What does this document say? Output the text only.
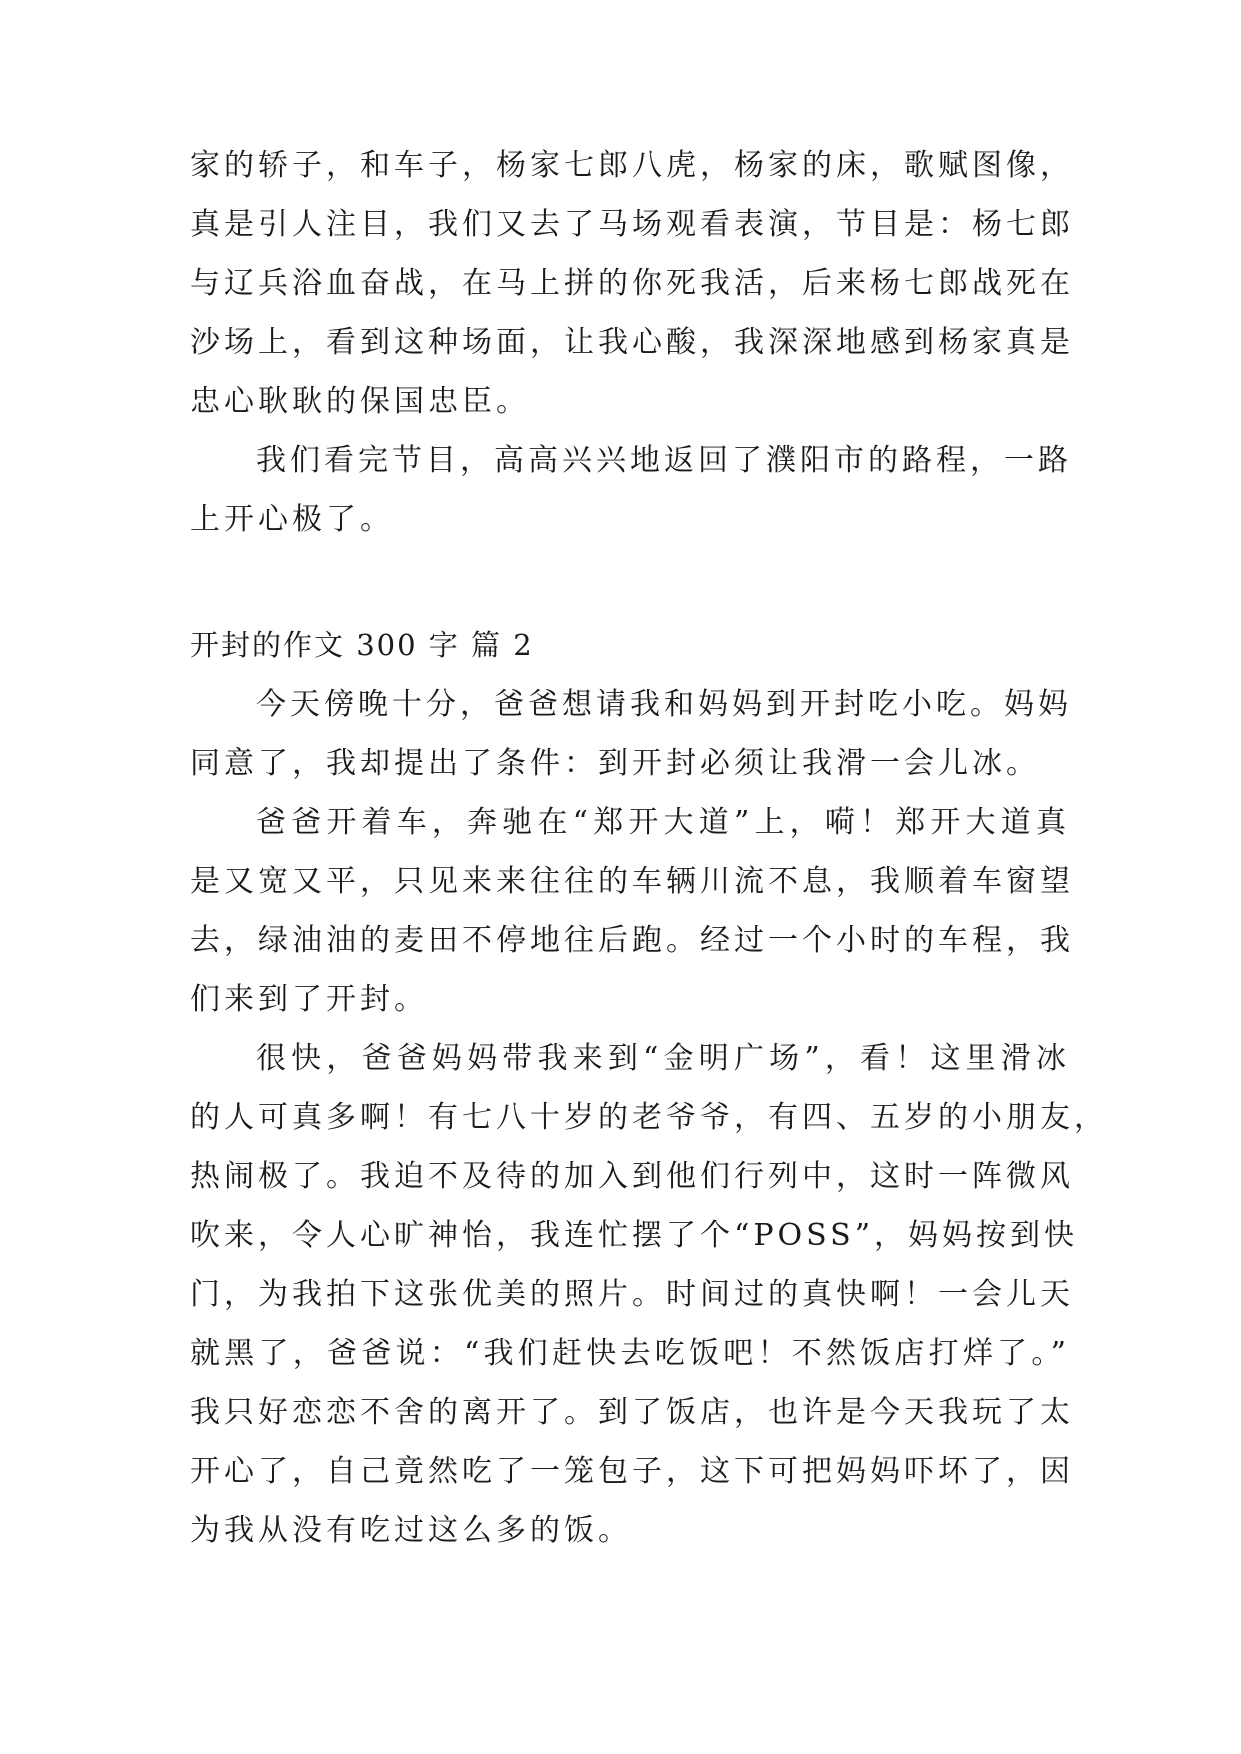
家的轿子，和车子，杨家七郎八虎，杨家的床，歌赋图像，

真是引人注目，我们又去了马场观看表演，节目是：杨七郎

与辽兵浴血奋战，在马上拼的你死我活，后来杨七郎战死在

沙场上，看到这种场面，让我心酸，我深深地感到杨家真是

忠心耿耿的保国忠臣。

我们看完节目，高高兴兴地返回了濮阳市的路程，一路

上开心极了。

开封的作文 300 字 篇 2

今天傍晚十分，爸爸想请我和妈妈到开封吃小吃。妈妈

同意了，我却提出了条件：到开封必须让我滑一会儿冰。

爸爸开着车，奔驰在“郑开大道”上，嗬！郑开大道真

是又宽又平，只见来来往往的车辆川流不息，我顺着车窗望

去，绿油油的麦田不停地往后跑。经过一个小时的车程，我

们来到了开封。

很快，爸爸妈妈带我来到“金明广场”，看！这里滑冰

的人可真多啊！有七八十岁的老爷爷，有四、五岁的小朋友，

热闹极了。我迫不及待的加入到他们行列中，这时一阵微风

吹来，令人心旷神怡，我连忙摆了个“POSS”，妈妈按到快

门，为我拍下这张优美的照片。时间过的真快啊！一会儿天

就黑了，爸爸说：“我们赶快去吃饭吧！不然饭店打烊了。”

我只好恋恋不舍的离开了。到了饭店，也许是今天我玩了太

开心了，自己竟然吃了一笼包子，这下可把妈妈吓坏了，因

为我从没有吃过这么多的饭。
